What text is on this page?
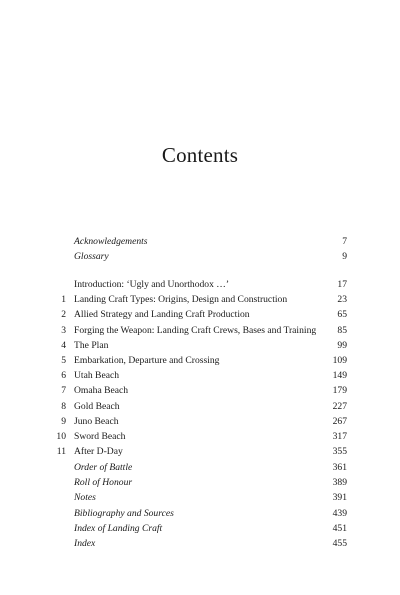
Contents
Acknowledgements	7
Glossary	9
Introduction: ‘Ugly and Unorthodox …’	17
1 Landing Craft Types: Origins, Design and Construction	23
2 Allied Strategy and Landing Craft Production	65
3 Forging the Weapon: Landing Craft Crews, Bases and Training 85
4 The Plan	99
5 Embarkation, Departure and Crossing	109
6 Utah Beach	149
7 Omaha Beach	179
8 Gold Beach	227
9 Juno Beach	267
10 Sword Beach	317
11 After D-Day	355
Order of Battle	361
Roll of Honour	389
Notes	391
Bibliography and Sources	439
Index of Landing Craft	451
Index	455
